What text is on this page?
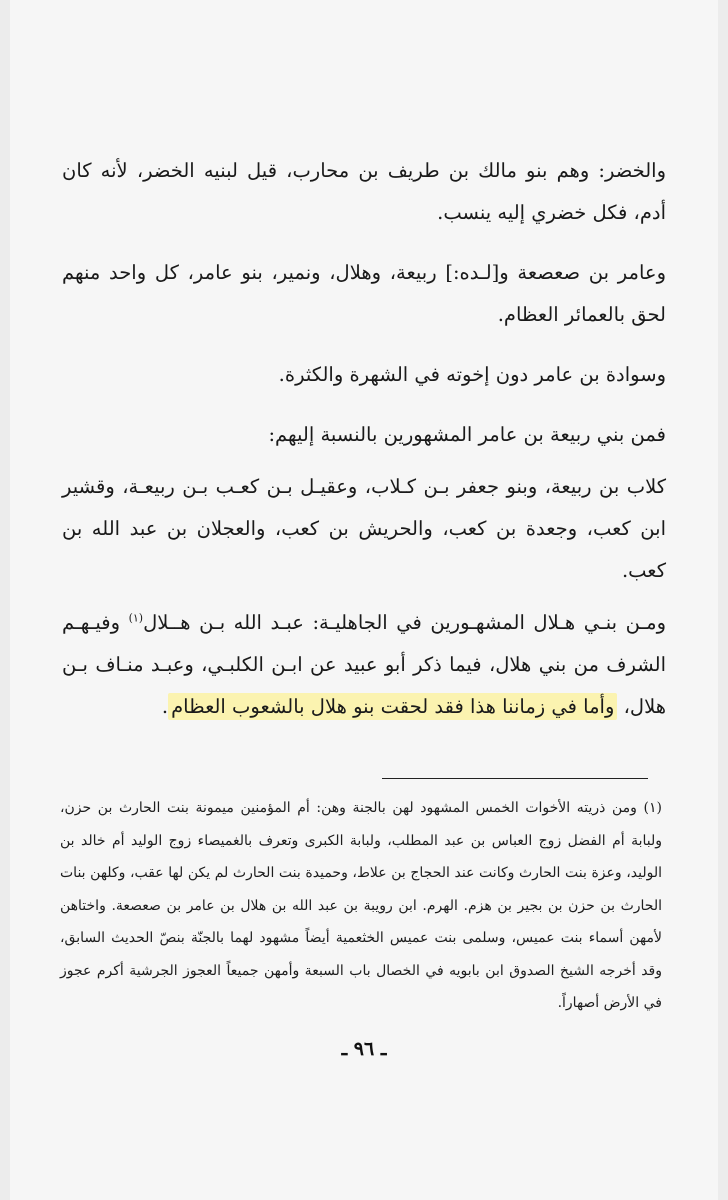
والخضر: وهم بنو مالك بن طريف بن محارب، قيل لبنيه الخضر، لأنه كان أدم، فكل خضري إليه ينسب.

وعامر بن صعصعة و[لـده:] ربيعة، وهلال، ونمير، بنو عامر، كل واحد منهم لحق بالعمائر العظام.

وسوادة بن عامر دون إخوته في الشهرة والكثرة.

فمن بني ربيعة بن عامر المشهورين بالنسبة إليهم:

كلاب بن ربيعة، وبنو جعفر بـن كـلاب، وعقيـل بـن كعـب بـن ربيعـة، وقشير ابن كعب، وجعدة بن كعب، والحريش بن كعب، والعجلان بن عبد الله بن كعب.

ومـن بنـي هـلال المشهـورين في الجاهليـة: عبـد الله بـن هــلال$^{(١)}$ وفيـهـم الشرف من بني هلال، فيما ذكر أبو عبيد عن ابـن الكلبـي، وعبـد منـاف بـن هلال، وأما في زماننا هذا فقد لحقت بنو هلال بالشعوب العظام.

(١) ومن ذريته الأخوات الخمس المشهود لهن بالجنة وهن: أم المؤمنين ميمونة بنت الحارث بن حزن، ولبابة أم الفضل زوج العباس بن عبد المطلب، ولبابة الكبرى وتعرف بالغميصاء زوج الوليد أم خالد بن الوليد، وعزة بنت الحارث وكانت عند الحجاج بن علاط، وحميدة بنت الحارث لم يكن لها عقب، وكلهن بنات الحارث بن حزن بن بجير بن هزم. الهرم. ابن رويبة بن عبد الله بن هلال بن عامر بن صعصعة. واختاهن لأمهن أسماء بنت عميس، وسلمى بنت عميس الخثعمية أيضاً مشهود لهما بالجنّة بنصّ الحديث السابق، وقد أخرجه الشيخ الصدوق ابن بابويه في الخصال باب السبعة وأمهن جميعاً العجوز الجرشية أكرم عجوز في الأرض أصهاراً.
ـ ٩٦ ـ
